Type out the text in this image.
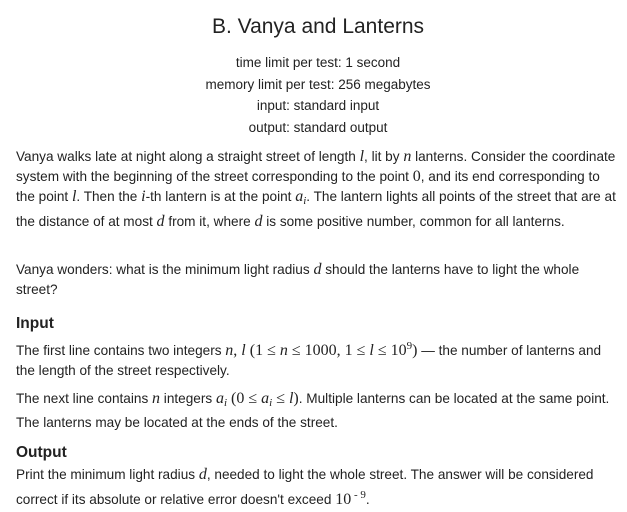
B. Vanya and Lanterns
time limit per test: 1 second
memory limit per test: 256 megabytes
input: standard input
output: standard output
Vanya walks late at night along a straight street of length l, lit by n lanterns. Consider the coordinate system with the beginning of the street corresponding to the point 0, and its end corresponding to the point l. Then the i-th lantern is at the point $a_i$. The lantern lights all points of the street that are at the distance of at most d from it, where d is some positive number, common for all lanterns.
Vanya wonders: what is the minimum light radius d should the lanterns have to light the whole street?
Input
The first line contains two integers n, l (1 ≤ n ≤ 1000, $1 \le l \le 10^9$) — the number of lanterns and the length of the street respectively.
The next line contains n integers $a_i$ $(0 \le a_i \le l)$. Multiple lanterns can be located at the same point. The lanterns may be located at the ends of the street.
Output
Print the minimum light radius d, needed to light the whole street. The answer will be considered correct if its absolute or relative error doesn't exceed 10 $^{- 9}$.
